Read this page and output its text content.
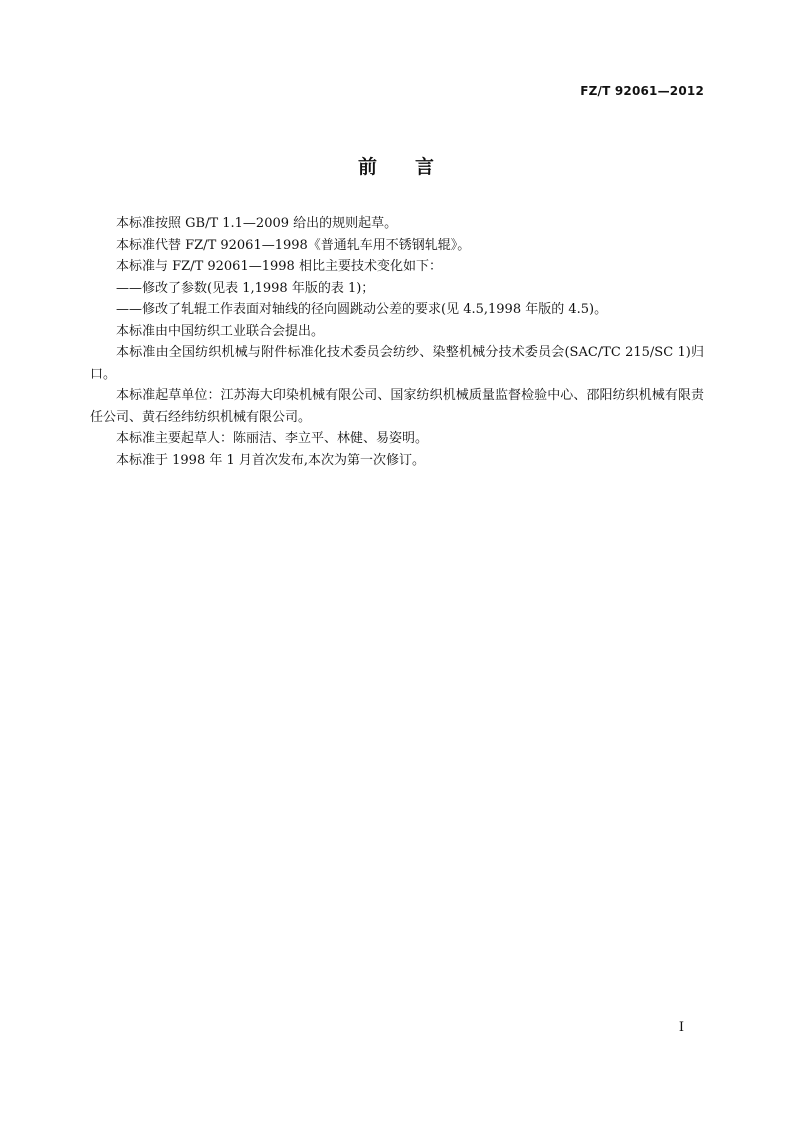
FZ/T 92061—2012
前 言

本标准按照 GB/T 1.1—2009 给出的规则起草。

本标准代替 FZ/T 92061—1998《普通轧车用不锈钢轧辊》。

本标准与 FZ/T 92061—1998 相比主要技术变化如下：

——修改了参数(见表 1,1998 年版的表 1)；

——修改了轧辊工作表面对轴线的径向圆跳动公差的要求(见 4.5,1998 年版的 4.5)。

本标准由中国纺织工业联合会提出。

本标准由全国纺织机械与附件标准化技术委员会纺纱、染整机械分技术委员会(SAC/TC 215/SC 1)归口。

本标准起草单位：江苏海大印染机械有限公司、国家纺织机械质量监督检验中心、邵阳纺织机械有限责任公司、黄石经纬纺织机械有限公司。

本标准主要起草人：陈丽洁、李立平、林健、易姿明。

本标准于 1998 年 1 月首次发布,本次为第一次修订。

I
